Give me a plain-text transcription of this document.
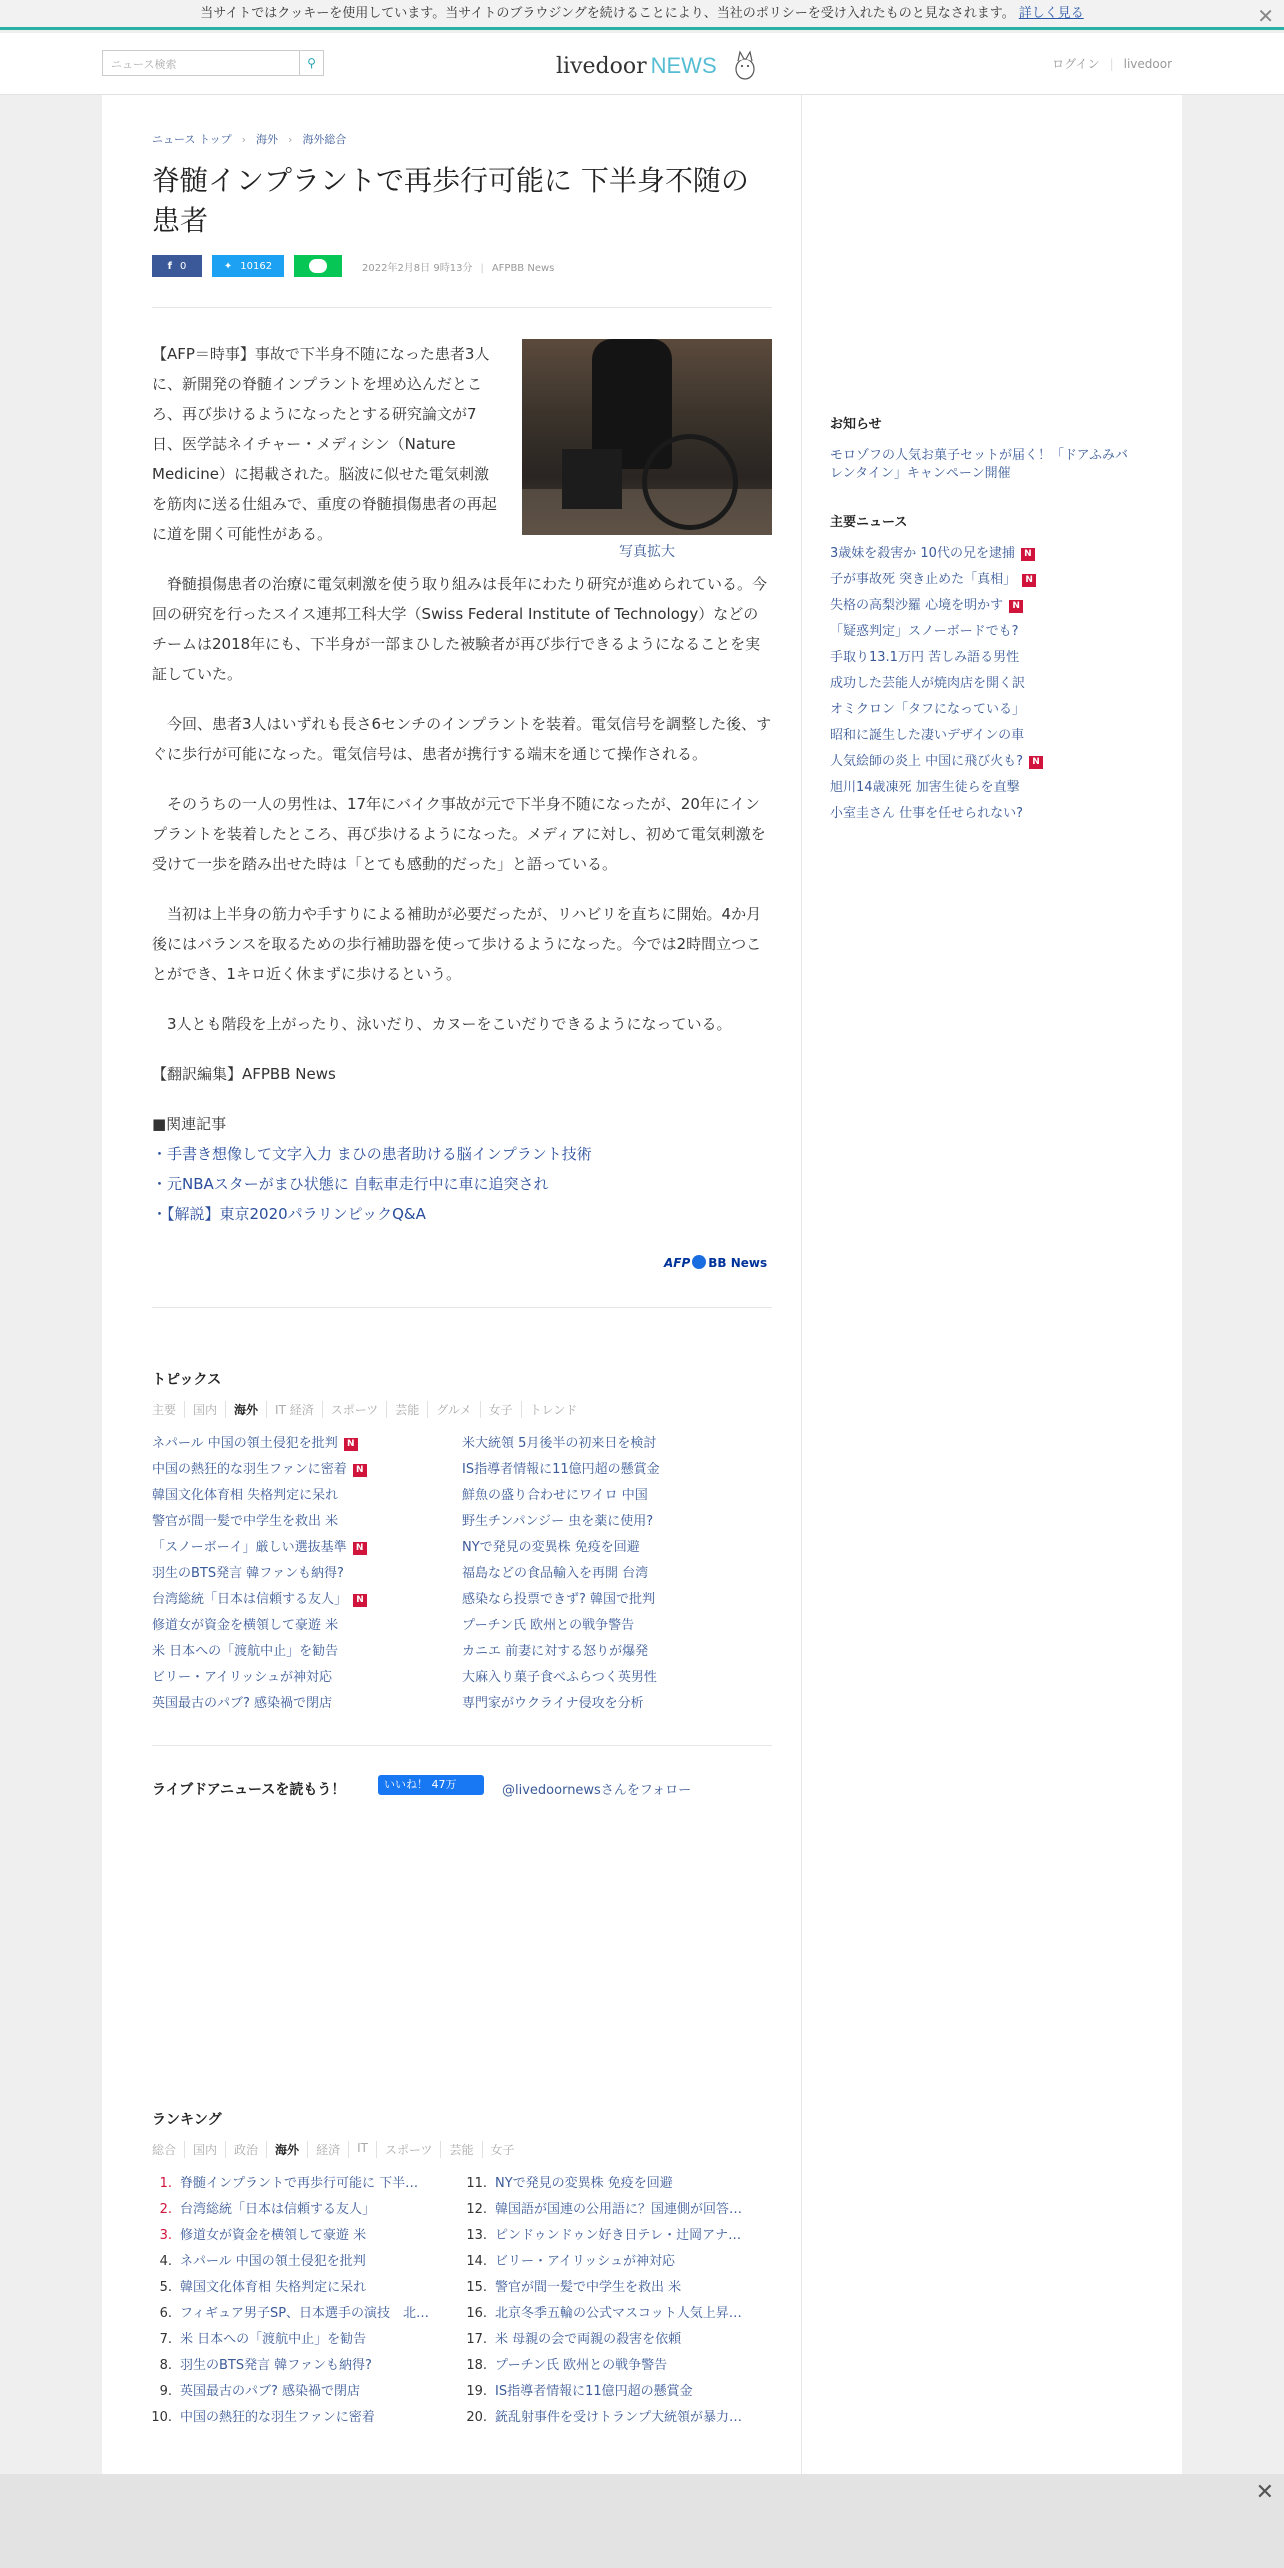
当サイトではクッキーを使用しています。当サイトのブラウジングを続けることにより、当社のポリシーを受け入れたものと見なされます。 詳しく見る	✕
ニュース検索	⚲	livedoor NEWS	ログイン | livedoor
ニュース トップ › 海外 › 海外総合
脊髄インプラントで再歩行可能に 下半身不随の患者
f 0	✦ 10162	2022年2月8日 9時13分 | AFPBB News
写真拡大

【AFP＝時事】事故で下半身不随になった患者3人に、新開発の脊髄インプラントを埋め込んだところ、再び歩けるようになったとする研究論文が7日、医学誌ネイチャー・メディシン（Nature Medicine）に掲載された。脳波に似せた電気刺激を筋肉に送る仕組みで、重度の脊髄損傷患者の再起に道を開く可能性がある。

　脊髄損傷患者の治療に電気刺激を使う取り組みは長年にわたり研究が進められている。今回の研究を行ったスイス連邦工科大学（Swiss Federal Institute of Technology）などのチームは2018年にも、下半身が一部まひした被験者が再び歩行できるようになることを実証していた。

　今回、患者3人はいずれも長さ6センチのインプラントを装着。電気信号を調整した後、すぐに歩行が可能になった。電気信号は、患者が携行する端末を通じて操作される。

　そのうちの一人の男性は、17年にバイク事故が元で下半身不随になったが、20年にインプラントを装着したところ、再び歩けるようになった。メディアに対し、初めて電気刺激を受けて一歩を踏み出せた時は「とても感動的だった」と語っている。

　当初は上半身の筋力や手すりによる補助が必要だったが、リハビリを直ちに開始。4か月後にはバランスを取るための歩行補助器を使って歩けるようになった。今では2時間立つことができ、1キロ近く休まずに歩けるという。

　3人とも階段を上がったり、泳いだり、カヌーをこいだりできるようになっている。

【翻訳編集】AFPBB News

■関連記事
・手書き想像して文字入力 まひの患者助ける脳インプラント技術
・元NBAスターがまひ状態に 自転車走行中に車に追突され
・【解説】東京2020パラリンピックQ&A
AFP BB News
トピックス
主要	国内	海外	IT 経済	スポーツ	芸能	グルメ	女子	トレンド
ネパール 中国の領土侵犯を批判 N
中国の熱狂的な羽生ファンに密着 N
韓国文化体育相 失格判定に呆れ
警官が間一髪で中学生を救出 米
「スノーボーイ」厳しい選抜基準 N
羽生のBTS発言 韓ファンも納得?
台湾総統「日本は信頼する友人」 N
修道女が資金を横領して豪遊 米
米 日本への「渡航中止」を勧告
ビリー・アイリッシュが神対応
英国最古のパブ? 感染禍で閉店
米大統領 5月後半の初来日を検討
IS指導者情報に11億円超の懸賞金
鮮魚の盛り合わせにワイロ 中国
野生チンパンジー 虫を薬に使用?
NYで発見の変異株 免疫を回避
福島などの食品輸入を再開 台湾
感染なら投票できず? 韓国で批判
プーチン氏 欧州との戦争警告
カニエ 前妻に対する怒りが爆発
大麻入り菓子食べふらつく英男性
専門家がウクライナ侵攻を分析
ライブドアニュースを読もう！	いいね！ 47万	@livedoornewsさんをフォロー
ランキング
総合	国内	政治	海外	経済	IT	スポーツ	芸能	女子
1. 脊髄インプラントで再歩行可能に 下半…
2. 台湾総統「日本は信頼する友人」
3. 修道女が資金を横領して豪遊 米
4. ネパール 中国の領土侵犯を批判
5. 韓国文化体育相 失格判定に呆れ
6. フィギュア男子SP、日本選手の演技　北…
7. 米 日本への「渡航中止」を勧告
8. 羽生のBTS発言 韓ファンも納得?
9. 英国最古のパブ? 感染禍で閉店
10. 中国の熱狂的な羽生ファンに密着
11. NYで発見の変異株 免疫を回避
12. 韓国語が国連の公用語に？国連側が回答…
13. ピンドゥンドゥン好き日テレ・辻岡アナ…
14. ビリー・アイリッシュが神対応
15. 警官が間一髪で中学生を救出 米
16. 北京冬季五輪の公式マスコット人気上昇…
17. 米 母親の会で両親の殺害を依頼
18. プーチン氏 欧州との戦争警告
19. IS指導者情報に11億円超の懸賞金
20. 銃乱射事件を受けトランプ大統領が暴力…
お知らせ
モロゾフの人気お菓子セットが届く！「ドアふみバレンタイン」キャンペーン開催
主要ニュース
3歳妹を殺害か 10代の兄を逮捕 N
子が事故死 突き止めた「真相」 N
失格の高梨沙羅 心境を明かす N
「疑惑判定」スノーボードでも?
手取り13.1万円 苦しみ語る男性
成功した芸能人が焼肉店を開く訳
オミクロン「タフになっている」
昭和に誕生した凄いデザインの車
人気絵師の炎上 中国に飛び火も? N
旭川14歳凍死 加害生徒らを直撃
小室圭さん 仕事を任せられない?
✕
